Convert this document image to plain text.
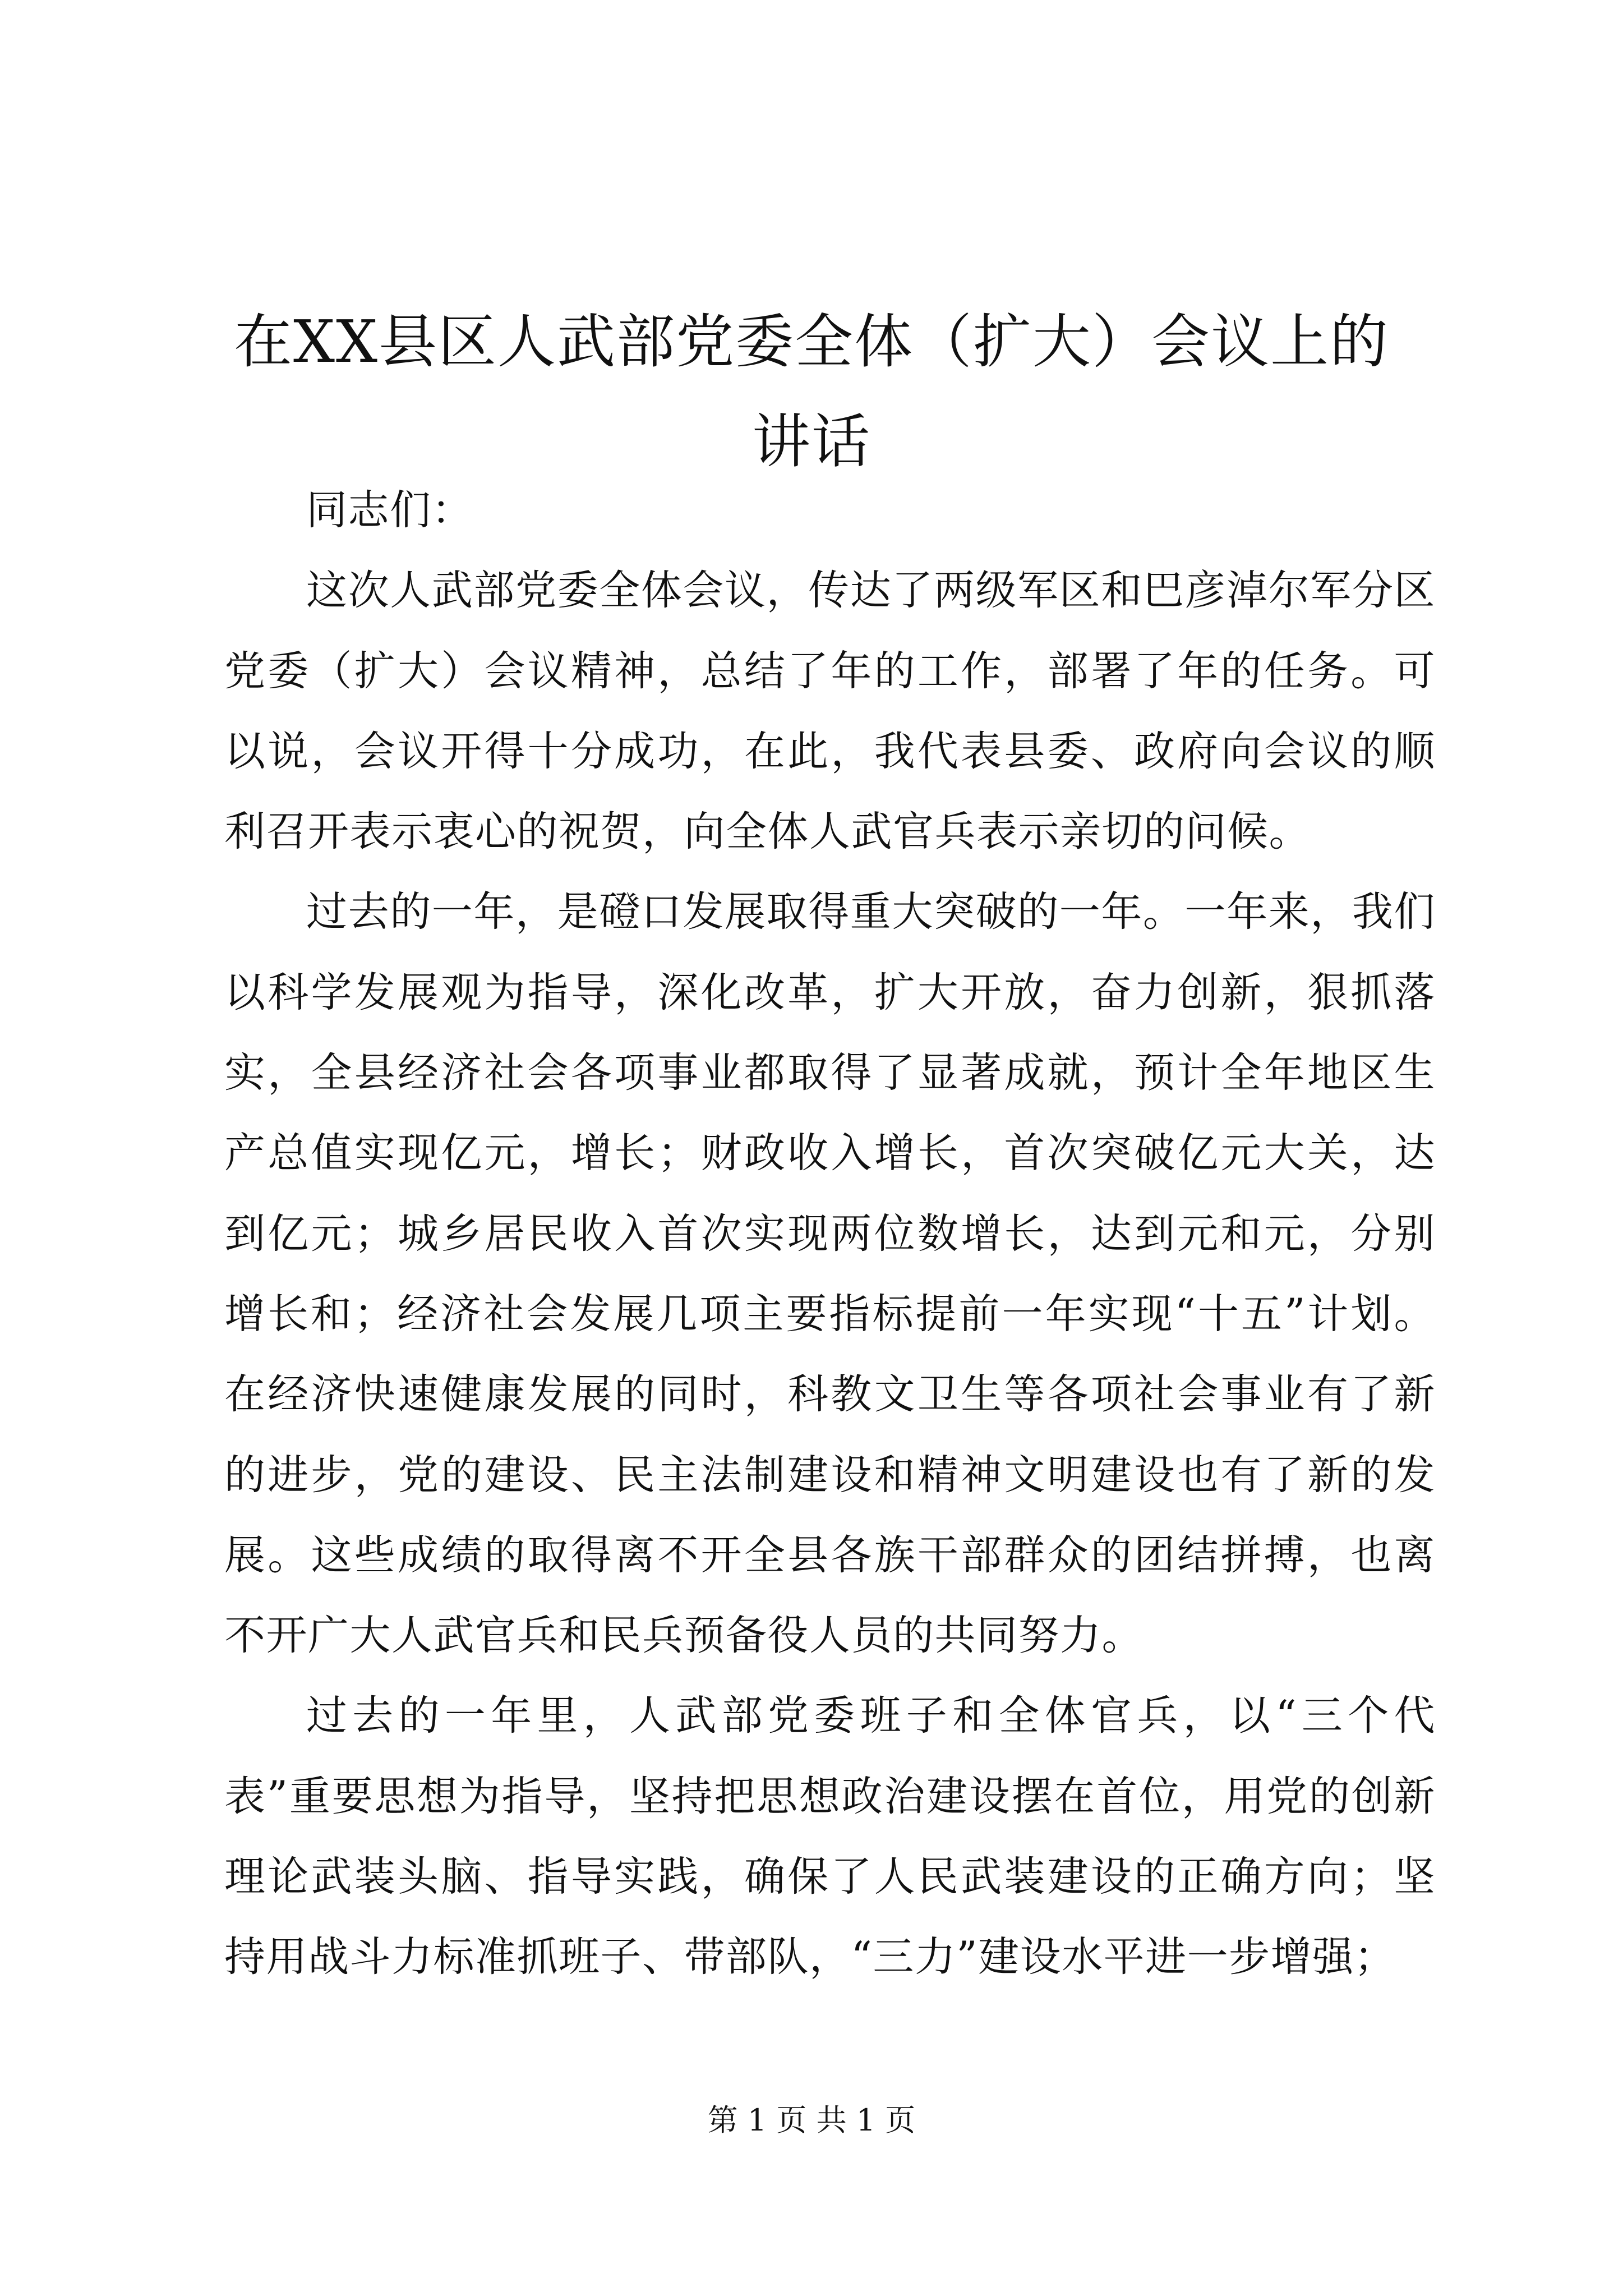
在XX县区人武部党委全体（扩大）会议上的讲话

同志们：

这次人武部党委全体会议，传达了两级军区和巴彦淖尔军分区党委（扩大）会议精神，总结了年的工作，部署了年的任务。可以说，会议开得十分成功，在此，我代表县委、政府向会议的顺利召开表示衷心的祝贺，向全体人武官兵表示亲切的问候。

过去的一年，是磴口发展取得重大突破的一年。一年来，我们以科学发展观为指导，深化改革，扩大开放，奋力创新，狠抓落实，全县经济社会各项事业都取得了显著成就，预计全年地区生产总值实现亿元，增长；财政收入增长，首次突破亿元大关，达到亿元；城乡居民收入首次实现两位数增长，达到元和元，分别增长和；经济社会发展几项主要指标提前一年实现“十五”计划。在经济快速健康发展的同时，科教文卫生等各项社会事业有了新的进步，党的建设、民主法制建设和精神文明建设也有了新的发展。这些成绩的取得离不开全县各族干部群众的团结拼搏，也离不开广大人武官兵和民兵预备役人员的共同努力。

过去的一年里，人武部党委班子和全体官兵，以“三个代表”重要思想为指导，坚持把思想政治建设摆在首位，用党的创新理论武装头脑、指导实践，确保了人民武装建设的正确方向；坚持用战斗力标准抓班子、带部队，“三力”建设水平进一步增强；

第 1 页 共 1 页
